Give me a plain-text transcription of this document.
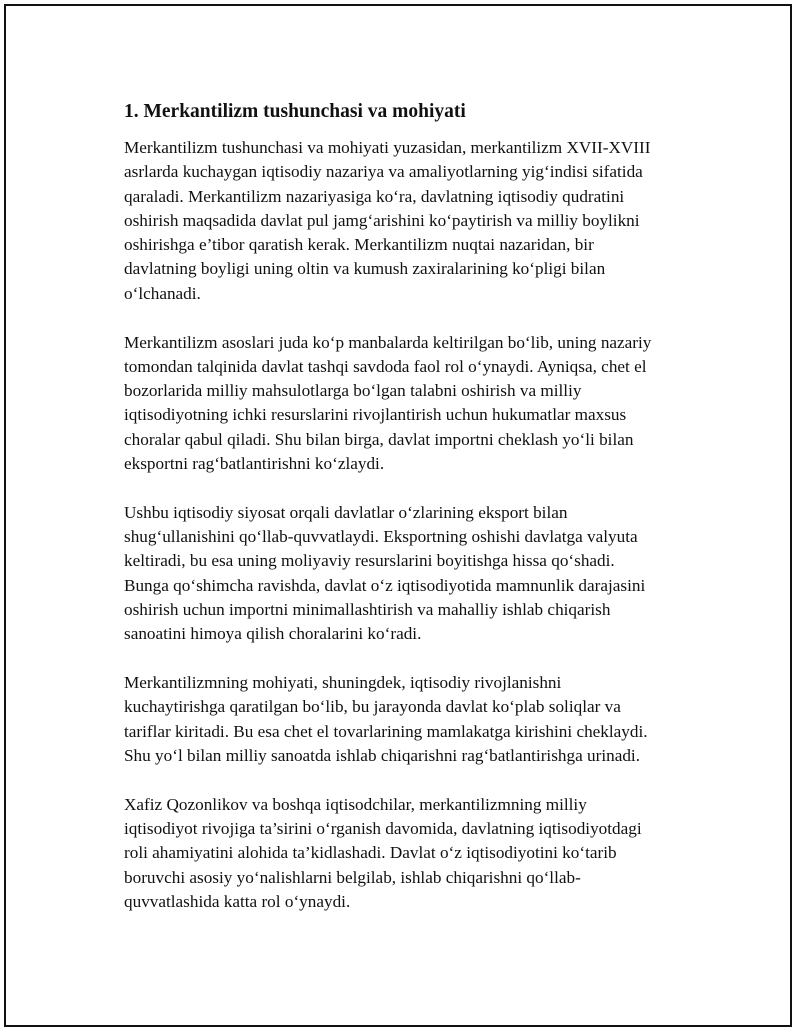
1. Merkantilizm tushunchasi va mohiyati
Merkantilizm tushunchasi va mohiyati yuzasidan, merkantilizm XVII-XVIII
asrlarda kuchaygan iqtisodiy nazariya va amaliyotlarning yig‘indisi sifatida
qaraladi. Merkantilizm nazariyasiga ko‘ra, davlatning iqtisodiy qudratini
oshirish maqsadida davlat pul jamg‘arishini ko‘paytirish va milliy boylikni
oshirishga e’tibor qaratish kerak. Merkantilizm nuqtai nazaridan, bir
davlatning boyligi uning oltin va kumush zaxiralarining ko‘pligi bilan
o‘lchanadi.
Merkantilizm asoslari juda ko‘p manbalarda keltirilgan bo‘lib, uning nazariy
tomondan talqinida davlat tashqi savdoda faol rol o‘ynaydi. Ayniqsa, chet el
bozorlarida milliy mahsulotlarga bo‘lgan talabni oshirish va milliy
iqtisodiyotning ichki resurslarini rivojlantirish uchun hukumatlar maxsus
choralar qabul qiladi. Shu bilan birga, davlat importni cheklash yo‘li bilan
eksportni rag‘batlantirishni ko‘zlaydi.
Ushbu iqtisodiy siyosat orqali davlatlar o‘zlarining eksport bilan
shug‘ullanishini qo‘llab-quvvatlaydi. Eksportning oshishi davlatga valyuta
keltiradi, bu esa uning moliyaviy resurslarini boyitishga hissa qo‘shadi.
Bunga qo‘shimcha ravishda, davlat o‘z iqtisodiyotida mamnunlik darajasini
oshirish uchun importni minimallashtirish va mahalliy ishlab chiqarish
sanoatini himoya qilish choralarini ko‘radi.
Merkantilizmning mohiyati, shuningdek, iqtisodiy rivojlanishni
kuchaytirishga qaratilgan bo‘lib, bu jarayonda davlat ko‘plab soliqlar va
tariflar kiritadi. Bu esa chet el tovarlarining mamlakatga kirishini cheklaydi.
Shu yo‘l bilan milliy sanoatda ishlab chiqarishni rag‘batlantirishga urinadi.
Xafiz Qozonlikov va boshqa iqtisodchilar, merkantilizmning milliy
iqtisodiyot rivojiga ta’sirini o‘rganish davomida, davlatning iqtisodiyotdagi
roli ahamiyatini alohida ta’kidlashadi. Davlat o‘z iqtisodiyotini ko‘tarib
boruvchi asosiy yo‘nalishlarni belgilab, ishlab chiqarishni qo‘llab-
quvvatlashida katta rol o‘ynaydi.
